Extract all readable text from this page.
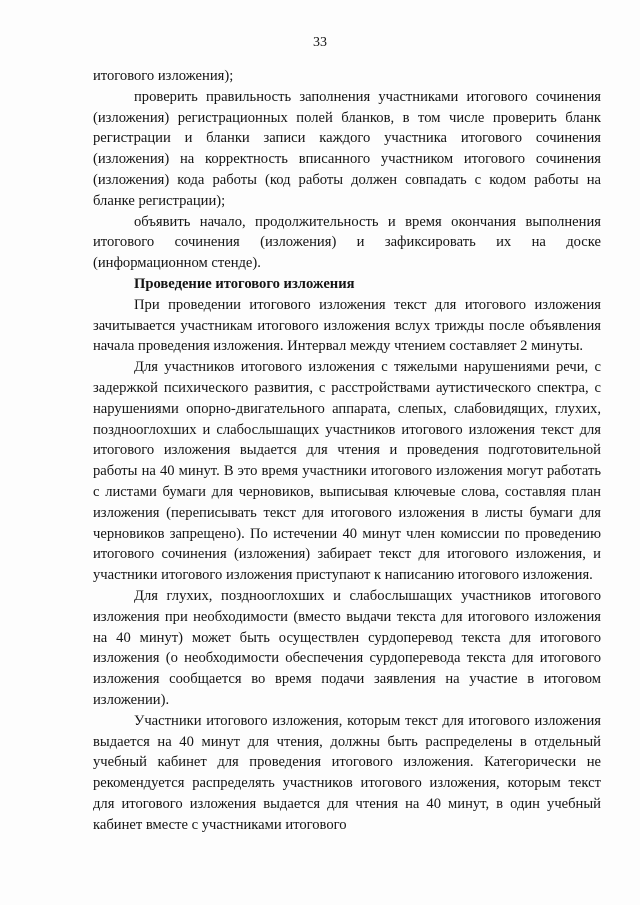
33

итогового изложения);

проверить правильность заполнения участниками итогового сочинения (изложения) регистрационных полей бланков, в том числе проверить бланк регистрации и бланки записи каждого участника итогового сочинения (изложения) на корректность вписанного участником итогового сочинения (изложения) кода работы (код работы должен совпадать с кодом работы на бланке регистрации);

объявить начало, продолжительность и время окончания выполнения итогового сочинения (изложения) и зафиксировать их на доске (информационном стенде).

Проведение итогового изложения

При проведении итогового изложения текст для итогового изложения зачитывается участникам итогового изложения вслух трижды после объявления начала проведения изложения. Интервал между чтением составляет 2 минуты.

Для участников итогового изложения с тяжелыми нарушениями речи, с задержкой психического развития, с расстройствами аутистического спектра, с нарушениями опорно-двигательного аппарата, слепых, слабовидящих, глухих, позднооглохших и слабослышащих участников итогового изложения текст для итогового изложения выдается для чтения и проведения подготовительной работы на 40 минут. В это время участники итогового изложения могут работать с листами бумаги для черновиков, выписывая ключевые слова, составляя план изложения (переписывать текст для итогового изложения в листы бумаги для черновиков запрещено). По истечении 40 минут член комиссии по проведению итогового сочинения (изложения) забирает текст для итогового изложения, и участники итогового изложения приступают к написанию итогового изложения.

Для глухих, позднооглохших и слабослышащих участников итогового изложения при необходимости (вместо выдачи текста для итогового изложения на 40 минут) может быть осуществлен сурдоперевод текста для итогового изложения (о необходимости обеспечения сурдоперевода текста для итогового изложения сообщается во время подачи заявления на участие в итоговом изложении).

Участники итогового изложения, которым текст для итогового изложения выдается на 40 минут для чтения, должны быть распределены в отдельный учебный кабинет для проведения итогового изложения. Категорически не рекомендуется распределять участников итогового изложения, которым текст для итогового изложения выдается для чтения на 40 минут, в один учебный кабинет вместе с участниками итогового
